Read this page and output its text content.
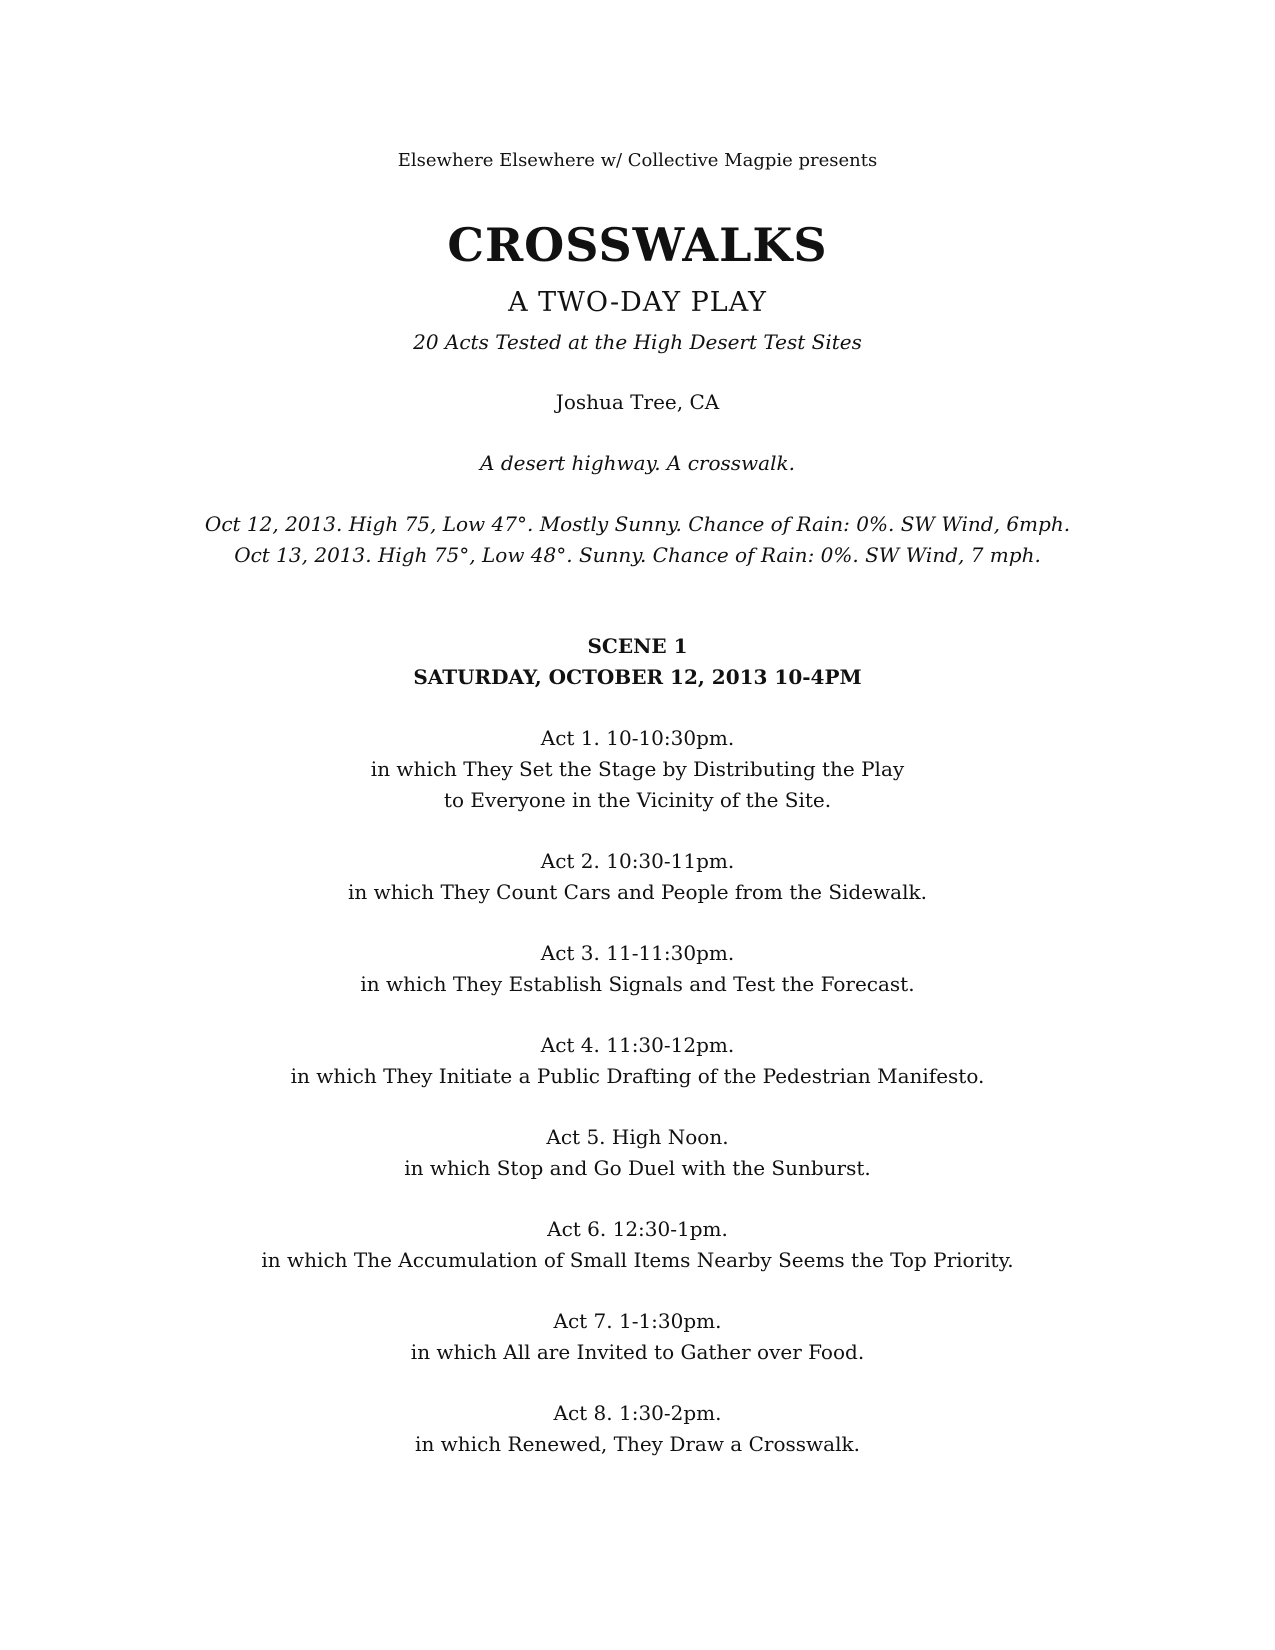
Elsewhere Elsewhere w/ Collective Magpie presents
CROSSWALKS
A TWO-DAY PLAY
20 Acts Tested at the High Desert Test Sites
Joshua Tree, CA
A desert highway. A crosswalk.
Oct 12, 2013. High 75, Low 47°. Mostly Sunny. Chance of Rain: 0%. SW Wind, 6mph.
Oct 13, 2013. High 75°, Low 48°. Sunny. Chance of Rain: 0%. SW Wind, 7 mph.
SCENE 1
SATURDAY, OCTOBER 12, 2013 10-4PM
Act 1. 10-10:30pm.
in which They Set the Stage by Distributing the Play
to Everyone in the Vicinity of the Site.
Act 2. 10:30-11pm.
in which They Count Cars and People from the Sidewalk.
Act 3. 11-11:30pm.
in which They Establish Signals and Test the Forecast.
Act 4. 11:30-12pm.
in which They Initiate a Public Drafting of the Pedestrian Manifesto.
Act 5. High Noon.
in which Stop and Go Duel with the Sunburst.
Act 6. 12:30-1pm.
in which The Accumulation of Small Items Nearby Seems the Top Priority.
Act 7. 1-1:30pm.
in which All are Invited to Gather over Food.
Act 8. 1:30-2pm.
in which Renewed, They Draw a Crosswalk.
